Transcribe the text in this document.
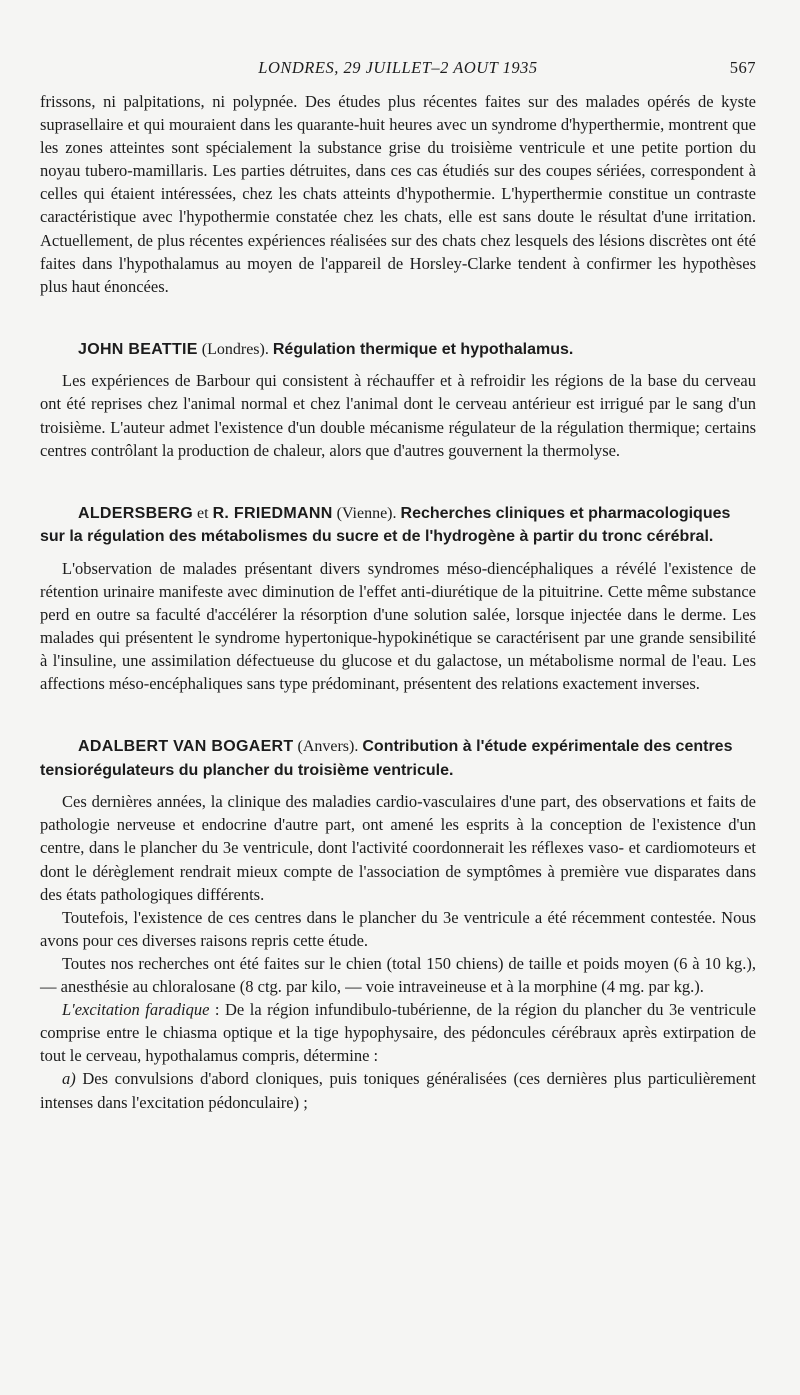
LONDRES, 29 JUILLET–2 AOUT 1935	567

frissons, ni palpitations, ni polypnée. Des études plus récentes faites sur des malades opérés de kyste suprasellaire et qui mouraient dans les quarante-huit heures avec un syndrome d'hyperthermie, montrent que les zones atteintes sont spécialement la substance grise du troisième ventricule et une petite portion du noyau tubero-mamillaris. Les parties détruites, dans ces cas étudiés sur des coupes sériées, correspondent à celles qui étaient intéressées, chez les chats atteints d'hypothermie. L'hyperthermie constitue un contraste caractéristique avec l'hypothermie constatée chez les chats, elle est sans doute le résultat d'une irritation. Actuellement, de plus récentes expériences réalisées sur des chats chez lesquels des lésions discrètes ont été faites dans l'hypothalamus au moyen de l'appareil de Horsley-Clarke tendent à confirmer les hypothèses plus haut énoncées.

JOHN BEATTIE (Londres). Régulation thermique et hypothalamus.

Les expériences de Barbour qui consistent à réchauffer et à refroidir les régions de la base du cerveau ont été reprises chez l'animal normal et chez l'animal dont le cerveau antérieur est irrigué par le sang d'un troisième. L'auteur admet l'existence d'un double mécanisme régulateur de la régulation thermique; certains centres contrôlant la production de chaleur, alors que d'autres gouvernent la thermolyse.

ALDERSBERG et R. FRIEDMANN (Vienne). Recherches cliniques et pharmacologiques sur la régulation des métabolismes du sucre et de l'hydrogène à partir du tronc cérébral.

L'observation de malades présentant divers syndromes méso-diencéphaliques a révélé l'existence de rétention urinaire manifeste avec diminution de l'effet anti-diurétique de la pituitrine. Cette même substance perd en outre sa faculté d'accélérer la résorption d'une solution salée, lorsque injectée dans le derme. Les malades qui présentent le syndrome hypertonique-hypokinétique se caractérisent par une grande sensibilité à l'insuline, une assimilation défectueuse du glucose et du galactose, un métabolisme normal de l'eau. Les affections méso-encéphaliques sans type prédominant, présentent des relations exactement inverses.

ADALBERT VAN BOGAERT (Anvers). Contribution à l'étude expérimentale des centres tensiorégulateurs du plancher du troisième ventricule.

Ces dernières années, la clinique des maladies cardio-vasculaires d'une part, des observations et faits de pathologie nerveuse et endocrine d'autre part, ont amené les esprits à la conception de l'existence d'un centre, dans le plancher du 3e ventricule, dont l'activité coordonnerait les réflexes vaso- et cardiomoteurs et dont le dérèglement rendrait mieux compte de l'association de symptômes à première vue disparates dans des états pathologiques différents.

Toutefois, l'existence de ces centres dans le plancher du 3e ventricule a été récemment contestée. Nous avons pour ces diverses raisons repris cette étude.

Toutes nos recherches ont été faites sur le chien (total 150 chiens) de taille et poids moyen (6 à 10 kg.), — anesthésie au chloralosane (8 ctg. par kilo, — voie intraveineuse et à la morphine (4 mg. par kg.).

L'excitation faradique : De la région infundibulo-tubérienne, de la région du plancher du 3e ventricule comprise entre le chiasma optique et la tige hypophysaire, des pédoncules cérébraux après extirpation de tout le cerveau, hypothalamus compris, détermine :

a) Des convulsions d'abord cloniques, puis toniques généralisées (ces dernières plus particulièrement intenses dans l'excitation pédonculaire) ;
